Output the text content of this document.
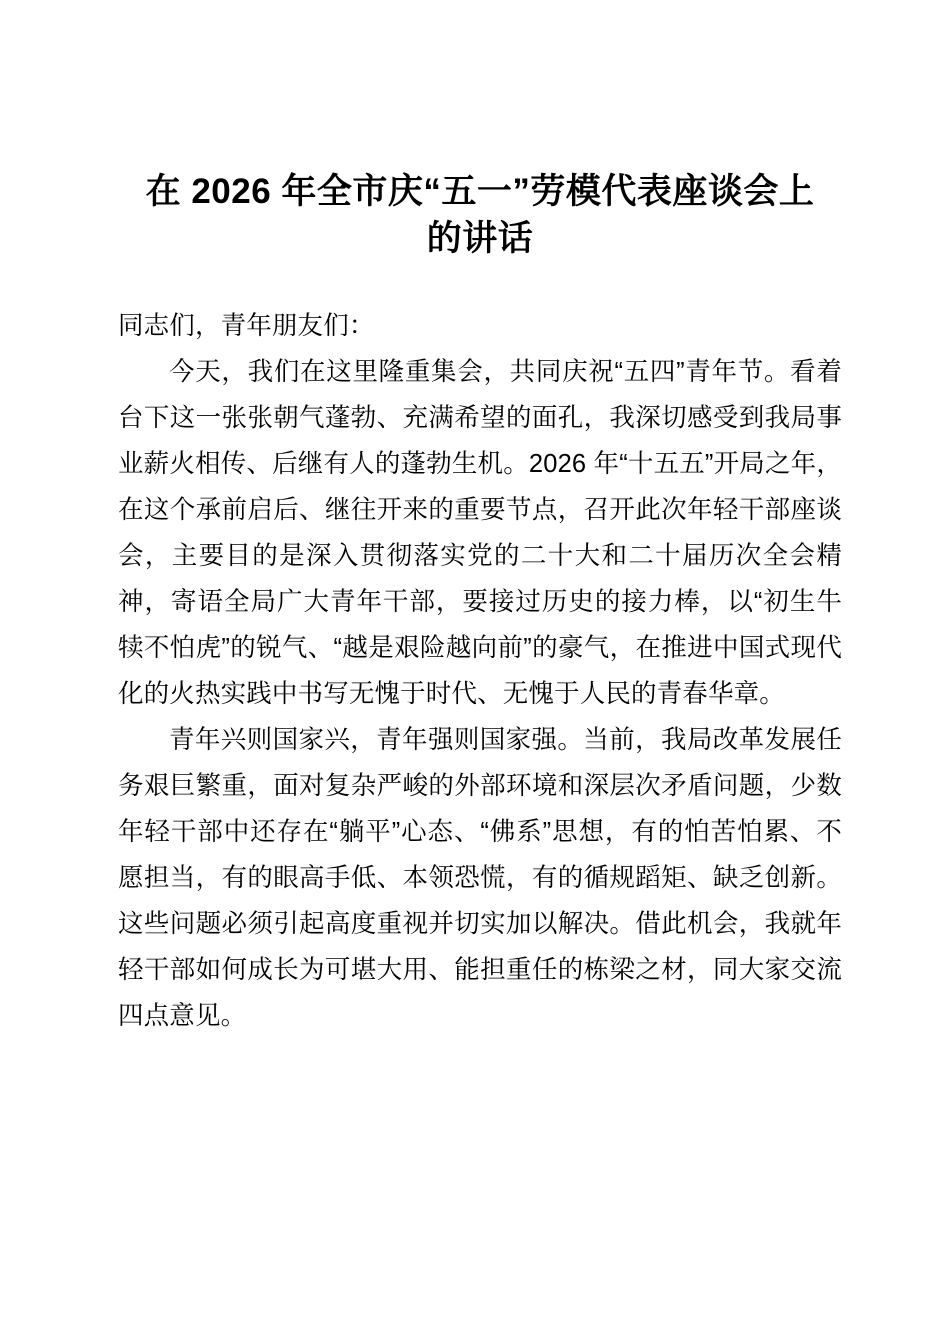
在 2026 年全市庆“五一”劳模代表座谈会上
的讲话

同志们，青年朋友们：

今天，我们在这里隆重集会，共同庆祝“五四”青年节。看着台下这一张张朝气蓬勃、充满希望的面孔，我深切感受到我局事业薪火相传、后继有人的蓬勃生机。2026 年“十五五”开局之年，在这个承前启后、继往开来的重要节点，召开此次年轻干部座谈会，主要目的是深入贯彻落实党的二十大和二十届历次全会精神，寄语全局广大青年干部，要接过历史的接力棒，以“初生牛犊不怕虎”的锐气、“越是艰险越向前”的豪气，在推进中国式现代化的火热实践中书写无愧于时代、无愧于人民的青春华章。

青年兴则国家兴，青年强则国家强。当前，我局改革发展任务艰巨繁重，面对复杂严峻的外部环境和深层次矛盾问题，少数年轻干部中还存在“躺平”心态、“佛系”思想，有的怕苦怕累、不愿担当，有的眼高手低、本领恐慌，有的循规蹈矩、缺乏创新。这些问题必须引起高度重视并切实加以解决。借此机会，我就年轻干部如何成长为可堪大用、能担重任的栋梁之材，同大家交流四点意见。
